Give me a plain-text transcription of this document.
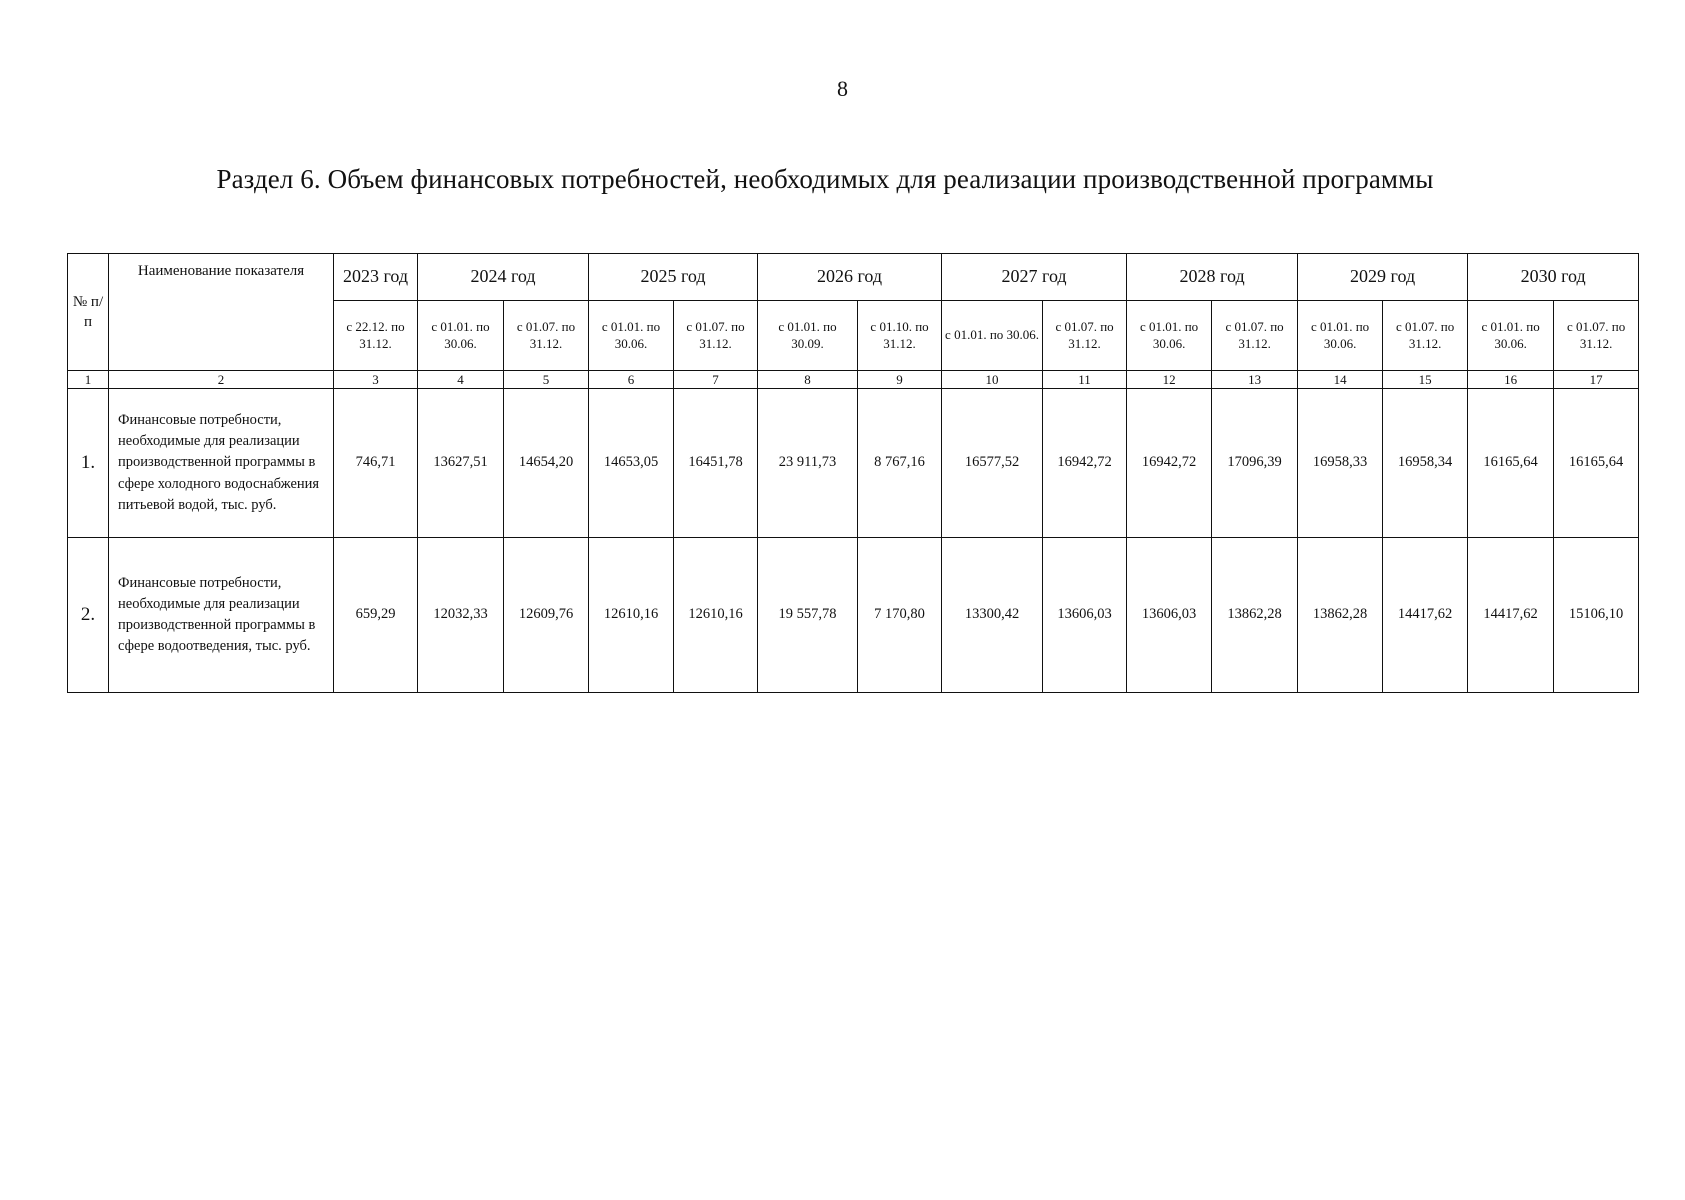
8
Раздел 6. Объем финансовых потребностей, необходимых для реализации производственной программы
№ п/ п	Наименование показателя	2023 год	2024 год		2025 год		2026 год		2027 год		2028 год		2029 год		2030 год	
		с 22.12. по 31.12.	с 01.01. по 30.06.	с 01.07. по 31.12.	с 01.01. по 30.06.	с 01.07. по 31.12.	с 01.01. по 30.09.	с 01.10. по 31.12.	с 01.01. по 30.06.	с 01.07. по 31.12.	с 01.01. по 30.06.	с 01.07. по 31.12.	с 01.01. по 30.06.	с 01.07. по 31.12.	с 01.01. по 30.06.	с 01.07. по 31.12.
1	2	3	4	5	6	7	8	9	10	11	12	13	14	15	16	17
1.	Финансовые потребности, необходимые для реализации производственной программы в сфере холодного водоснабжения питьевой водой, тыс. руб.	746,71	13627,51	14654,20	14653,05	16451,78	23 911,73	8 767,16	16577,52	16942,72	16942,72	17096,39	16958,33	16958,34	16165,64	16165,64
2.	Финансовые потребности, необходимые для реализации производственной программы в сфере водоотведения, тыс. руб.	659,29	12032,33	12609,76	12610,16	12610,16	19 557,78	7 170,80	13300,42	13606,03	13606,03	13862,28	13862,28	14417,62	14417,62	15106,10
